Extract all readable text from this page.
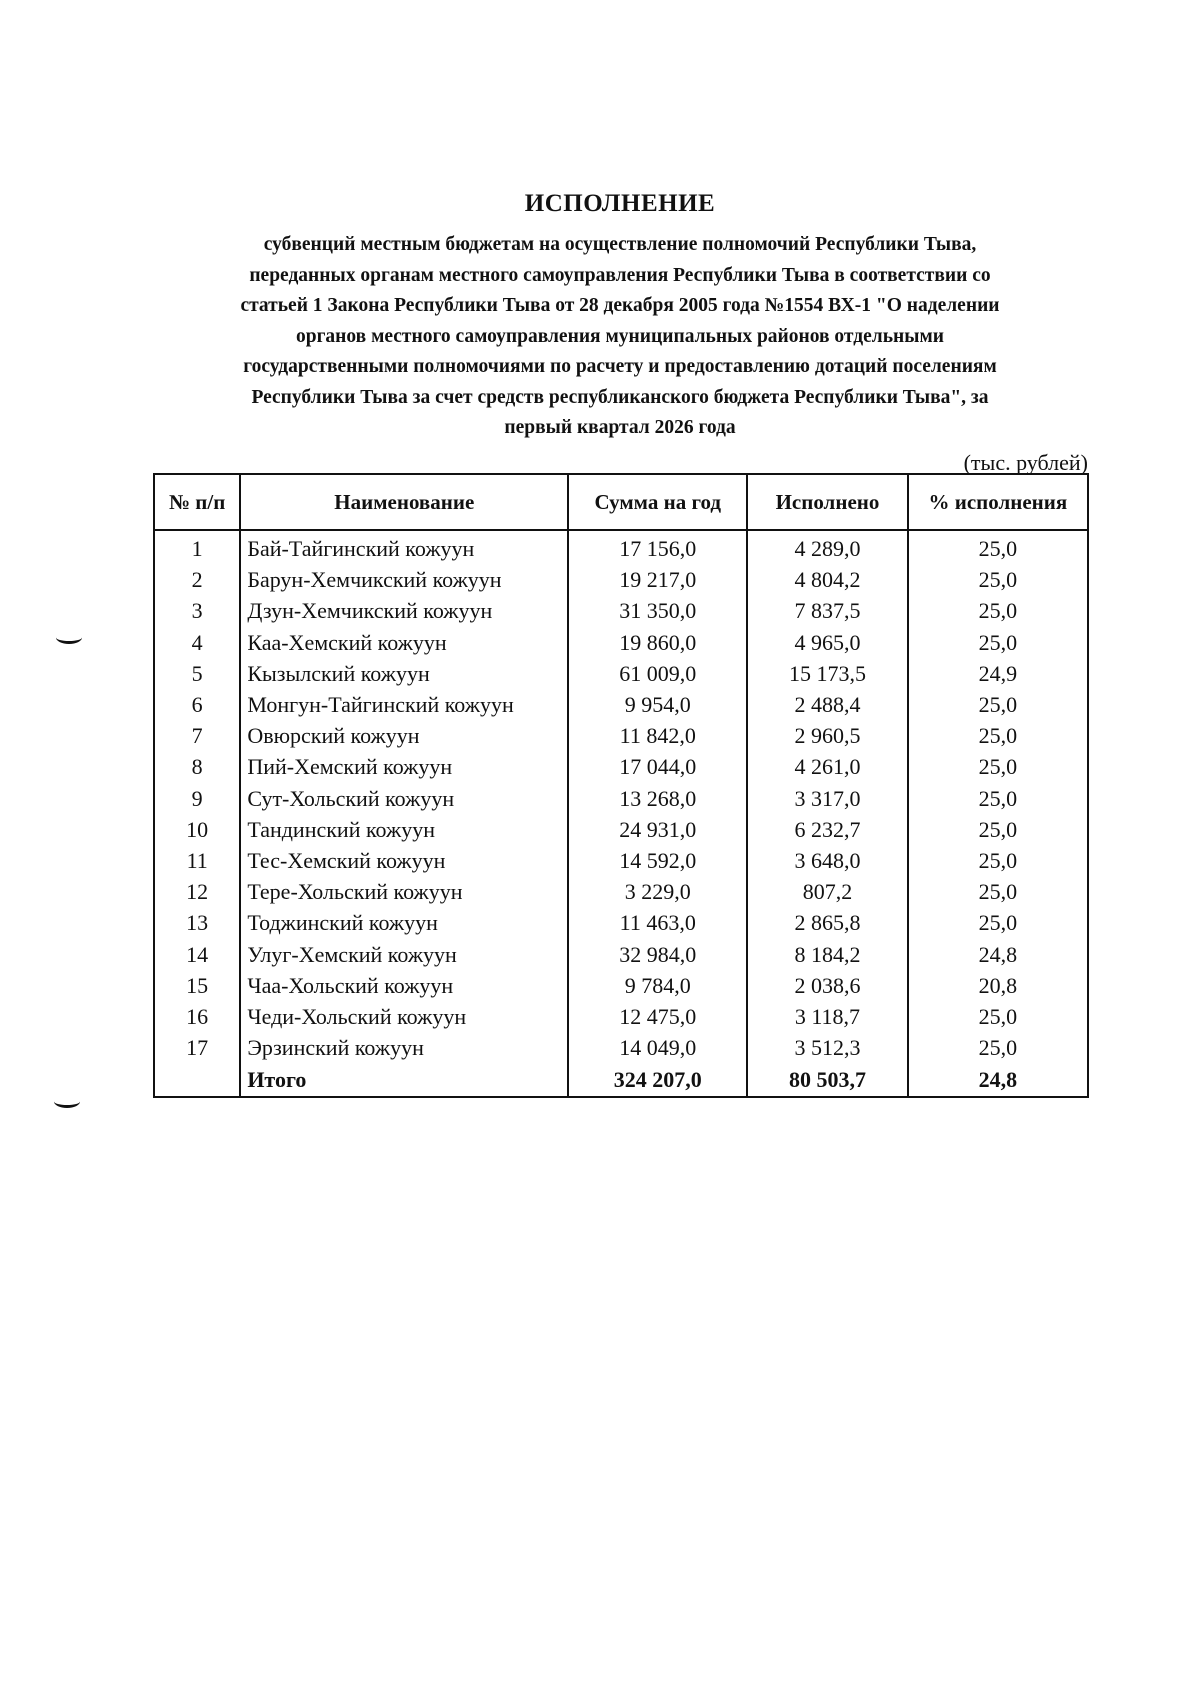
ИСПОЛНЕНИЕ
субвенций местным бюджетам на осуществление полномочий Республики Тыва,
переданных органам местного самоуправления Республики Тыва в соответствии со
статьей 1 Закона Республики Тыва от 28 декабря 2005 года №1554 ВХ-1 "О наделении
органов местного самоуправления муниципальных районов отдельными
государственными полномочиями по расчету и предоставлению дотаций поселениям
Республики Тыва за счет средств республиканского бюджета Республики Тыва", за
первый квартал 2026 года
(тыс. рублей)
№ п/п	Наименование	Сумма на год	Исполнено	% исполнения
1	Бай-Тайгинский кожуун	17 156,0	4 289,0	25,0
2	Барун-Хемчикский кожуун	19 217,0	4 804,2	25,0
3	Дзун-Хемчикский кожуун	31 350,0	7 837,5	25,0
4	Каа-Хемский кожуун	19 860,0	4 965,0	25,0
5	Кызылский кожуун	61 009,0	15 173,5	24,9
6	Монгун-Тайгинский кожуун	9 954,0	2 488,4	25,0
7	Овюрский кожуун	11 842,0	2 960,5	25,0
8	Пий-Хемский кожуун	17 044,0	4 261,0	25,0
9	Сут-Хольский кожуун	13 268,0	3 317,0	25,0
10	Тандинский кожуун	24 931,0	6 232,7	25,0
11	Тес-Хемский кожуун	14 592,0	3 648,0	25,0
12	Тере-Хольский кожуун	3 229,0	807,2	25,0
13	Тоджинский кожуун	11 463,0	2 865,8	25,0
14	Улуг-Хемский кожуун	32 984,0	8 184,2	24,8
15	Чаа-Хольский кожуун	9 784,0	2 038,6	20,8
16	Чеди-Хольский кожуун	12 475,0	3 118,7	25,0
17	Эрзинский кожуун	14 049,0	3 512,3	25,0
	Итого	324 207,0	80 503,7	24,8
